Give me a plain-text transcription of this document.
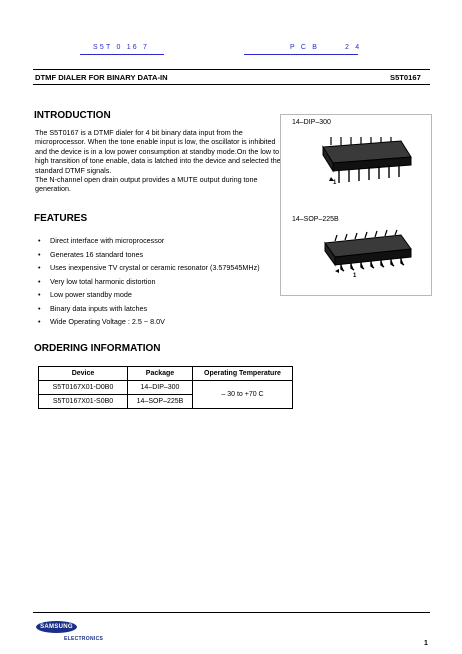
S5T 0 16 7	P C B	2 4
DTMF DIALER FOR BINARY DATA-IN	S5T0167
INTRODUCTION

The S5T0167 is a DTMF dialer for 4 bit binary data input from the microprocessor. When the tone enable input is low, the oscillator is inhibited and the device is in a low power consumption at standby mode.On the low to high transition of tone enable, data is latched into the device and selected the standard DTMF signals.

The N-channel open drain output provides a MUTE output during tone generation.

14–DIP–300
1
14–SOP–225B
1
FEATURES
• Direct interface with microprocessor
• Generates 16 standard tones
• Uses inexpensive TV crystal or ceramic resonator (3.579545MHz)
• Very low total harmonic distortion
• Low power standby mode
• Binary data inputs with latches
• Wide Operating Voltage : 2.5 ~ 8.0V
ORDERING INFORMATION
Device	Package	Operating Temperature
S5T0167X01-D0B0	14–DIP–300	– 30 to +70 C
S5T0167X01-S0B0	14–SOP–225B	
SAMSUNG
ELECTRONICS
1
